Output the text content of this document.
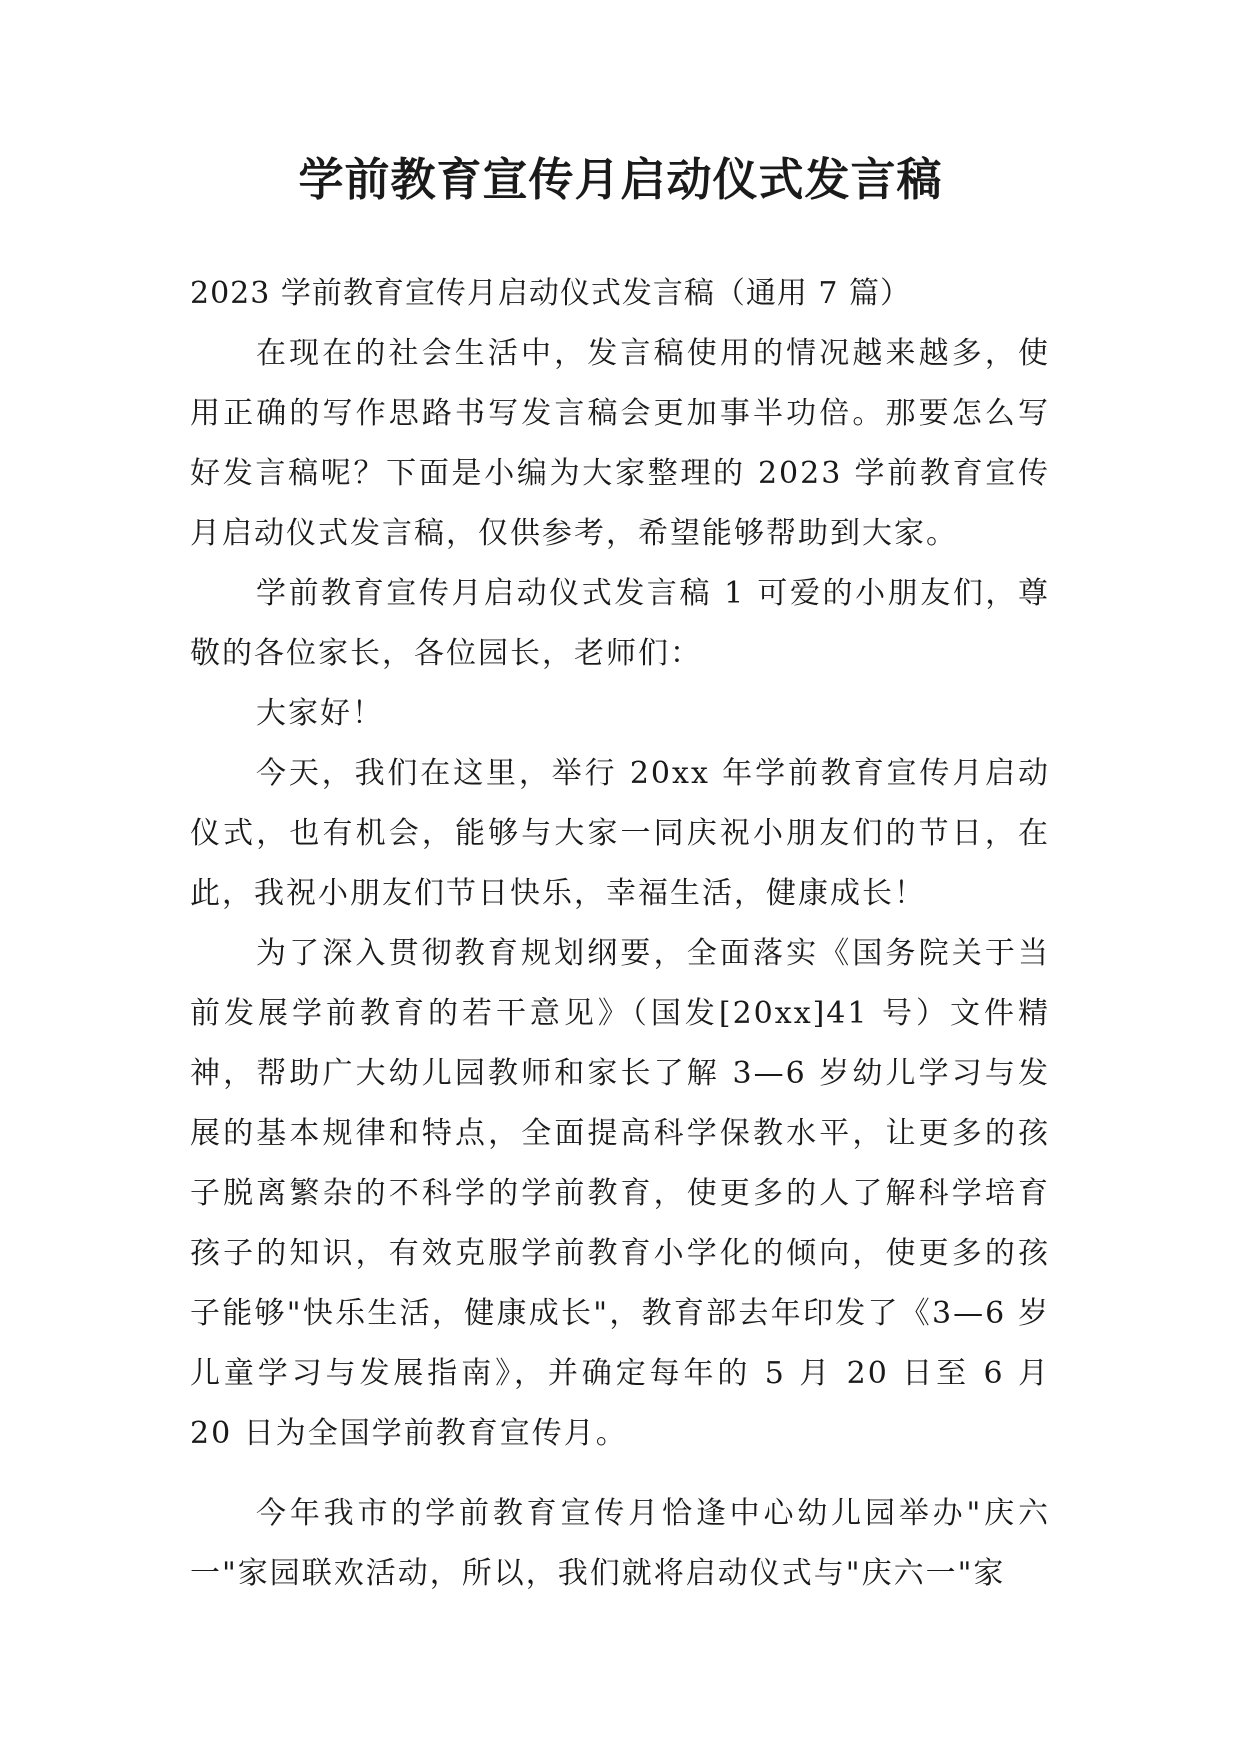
学前教育宣传月启动仪式发言稿

2023 学前教育宣传月启动仪式发言稿（通用 7 篇）

在现在的社会生活中，发言稿使用的情况越来越多，使用正确的写作思路书写发言稿会更加事半功倍。那要怎么写好发言稿呢？下面是小编为大家整理的 2023 学前教育宣传月启动仪式发言稿，仅供参考，希望能够帮助到大家。

学前教育宣传月启动仪式发言稿 1 可爱的小朋友们，尊敬的各位家长，各位园长，老师们：

大家好！

今天，我们在这里，举行 20xx 年学前教育宣传月启动仪式，也有机会，能够与大家一同庆祝小朋友们的节日，在此，我祝小朋友们节日快乐，幸福生活，健康成长！

为了深入贯彻教育规划纲要，全面落实《国务院关于当前发展学前教育的若干意见》（国发[20xx]41 号）文件精神，帮助广大幼儿园教师和家长了解 3—6 岁幼儿学习与发展的基本规律和特点，全面提高科学保教水平，让更多的孩子脱离繁杂的不科学的学前教育，使更多的人了解科学培育孩子的知识，有效克服学前教育小学化的倾向，使更多的孩子能够"快乐生活，健康成长"，教育部去年印发了《3—6 岁儿童学习与发展指南》，并确定每年的 5 月 20 日至 6 月 20 日为全国学前教育宣传月。

今年我市的学前教育宣传月恰逢中心幼儿园举办"庆六一"家园联欢活动，所以，我们就将启动仪式与"庆六一"家
